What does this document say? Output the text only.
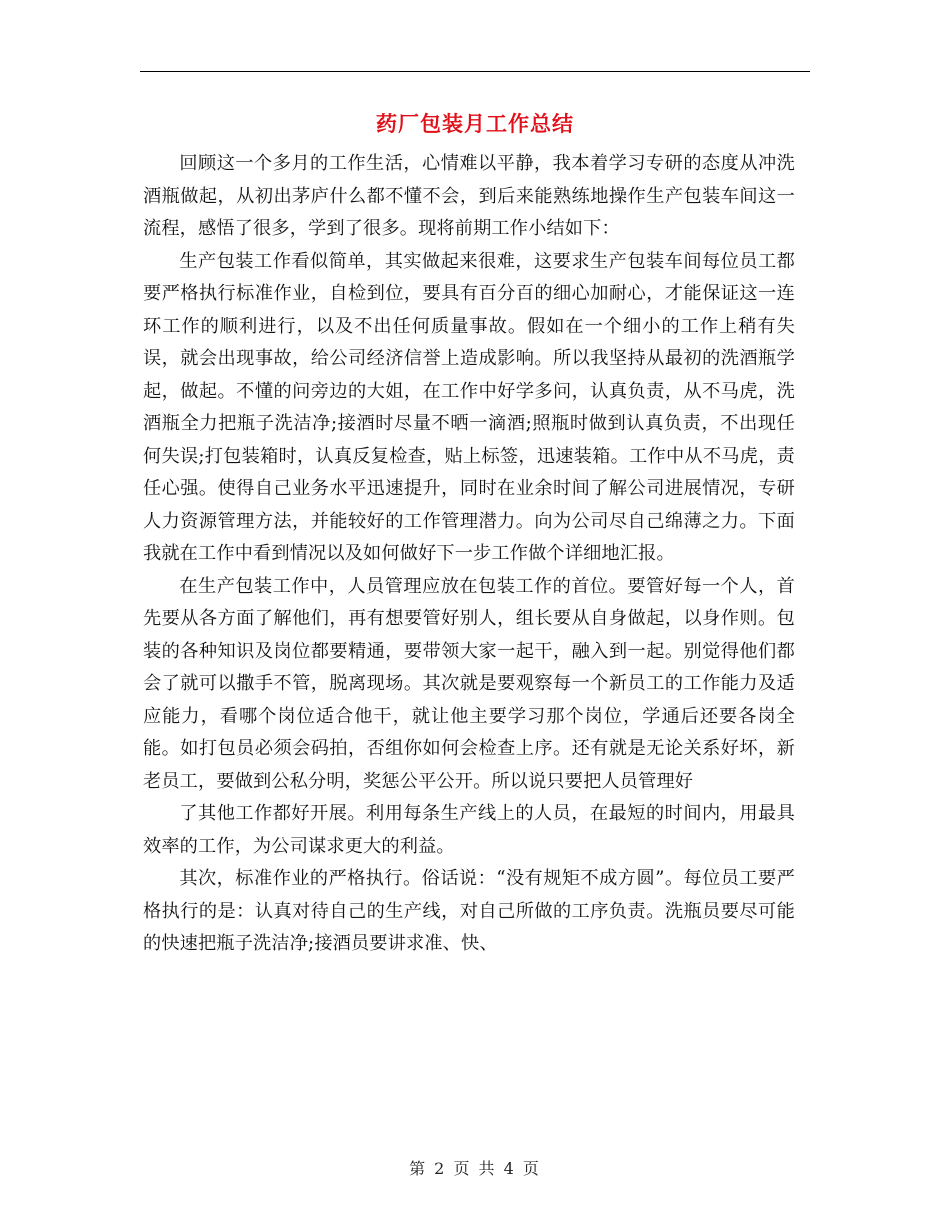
药厂包装月工作总结

回顾这一个多月的工作生活，心情难以平静，我本着学习专研的态度从冲洗酒瓶做起，从初出茅庐什么都不懂不会，到后来能熟练地操作生产包装车间这一流程，感悟了很多，学到了很多。现将前期工作小结如下：

生产包装工作看似简单，其实做起来很难，这要求生产包装车间每位员工都要严格执行标准作业，自检到位，要具有百分百的细心加耐心，才能保证这一连环工作的顺利进行，以及不出任何质量事故。假如在一个细小的工作上稍有失误，就会出现事故，给公司经济信誉上造成影响。所以我坚持从最初的洗酒瓶学起，做起。不懂的问旁边的大姐，在工作中好学多问，认真负责，从不马虎，洗酒瓶全力把瓶子洗洁净;接酒时尽量不晒一滴酒;照瓶时做到认真负责，不出现任何失误;打包装箱时，认真反复检查，贴上标签，迅速装箱。工作中从不马虎，责任心强。使得自己业务水平迅速提升，同时在业余时间了解公司进展情况，专研人力资源管理方法，并能较好的工作管理潜力。向为公司尽自己绵薄之力。下面我就在工作中看到情况以及如何做好下一步工作做个详细地汇报。

在生产包装工作中，人员管理应放在包装工作的首位。要管好每一个人，首先要从各方面了解他们，再有想要管好别人，组长要从自身做起，以身作则。包装的各种知识及岗位都要精通，要带领大家一起干，融入到一起。别觉得他们都会了就可以撒手不管，脱离现场。其次就是要观察每一个新员工的工作能力及适应能力，看哪个岗位适合他干，就让他主要学习那个岗位，学通后还要各岗全能。如打包员必须会码拍，否组你如何会检查上序。还有就是无论关系好坏，新老员工，要做到公私分明，奖惩公平公开。所以说只要把人员管理好

了其他工作都好开展。利用每条生产线上的人员，在最短的时间内，用最具效率的工作，为公司谋求更大的利益。

其次，标准作业的严格执行。俗话说：“没有规矩不成方圆”。每位员工要严格执行的是：认真对待自己的生产线，对自己所做的工序负责。洗瓶员要尽可能的快速把瓶子洗洁净;接酒员要讲求准、快、

第 2 页 共 4 页
